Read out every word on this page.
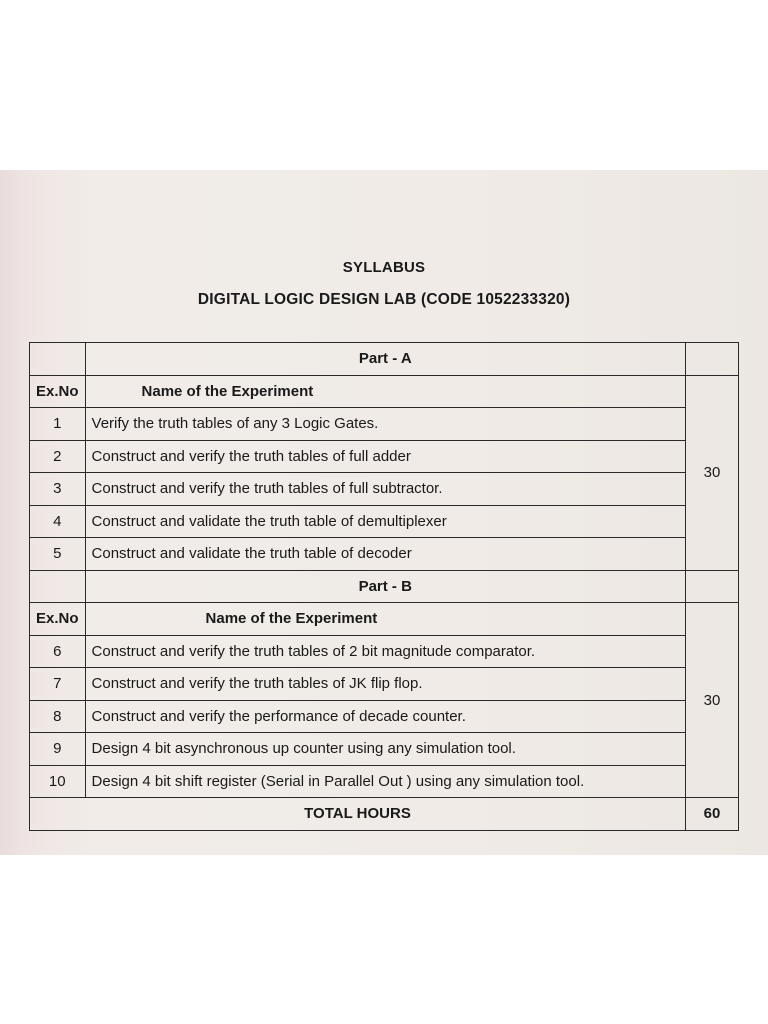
SYLLABUS
DIGITAL LOGIC DESIGN LAB (CODE 1052233320)
	Part - A	
Ex.No	Name of the Experiment	30
1	Verify the truth tables of any 3 Logic Gates.	
2	Construct and verify the truth tables of full adder	
3	Construct and verify the truth tables of full subtractor.	
4	Construct and validate the truth table of demultiplexer	
5	Construct and validate the truth table of decoder	
	Part - B	
Ex.No	Name of the Experiment	30
6	Construct and verify the truth tables of 2 bit magnitude comparator.	
7	Construct and verify the truth tables of JK flip flop.	
8	Construct and verify the performance of decade counter.	
9	Design 4 bit asynchronous up counter using any simulation tool.	
10	Design 4 bit shift register (Serial in Parallel Out ) using any simulation tool.	
TOTAL HOURS		60
